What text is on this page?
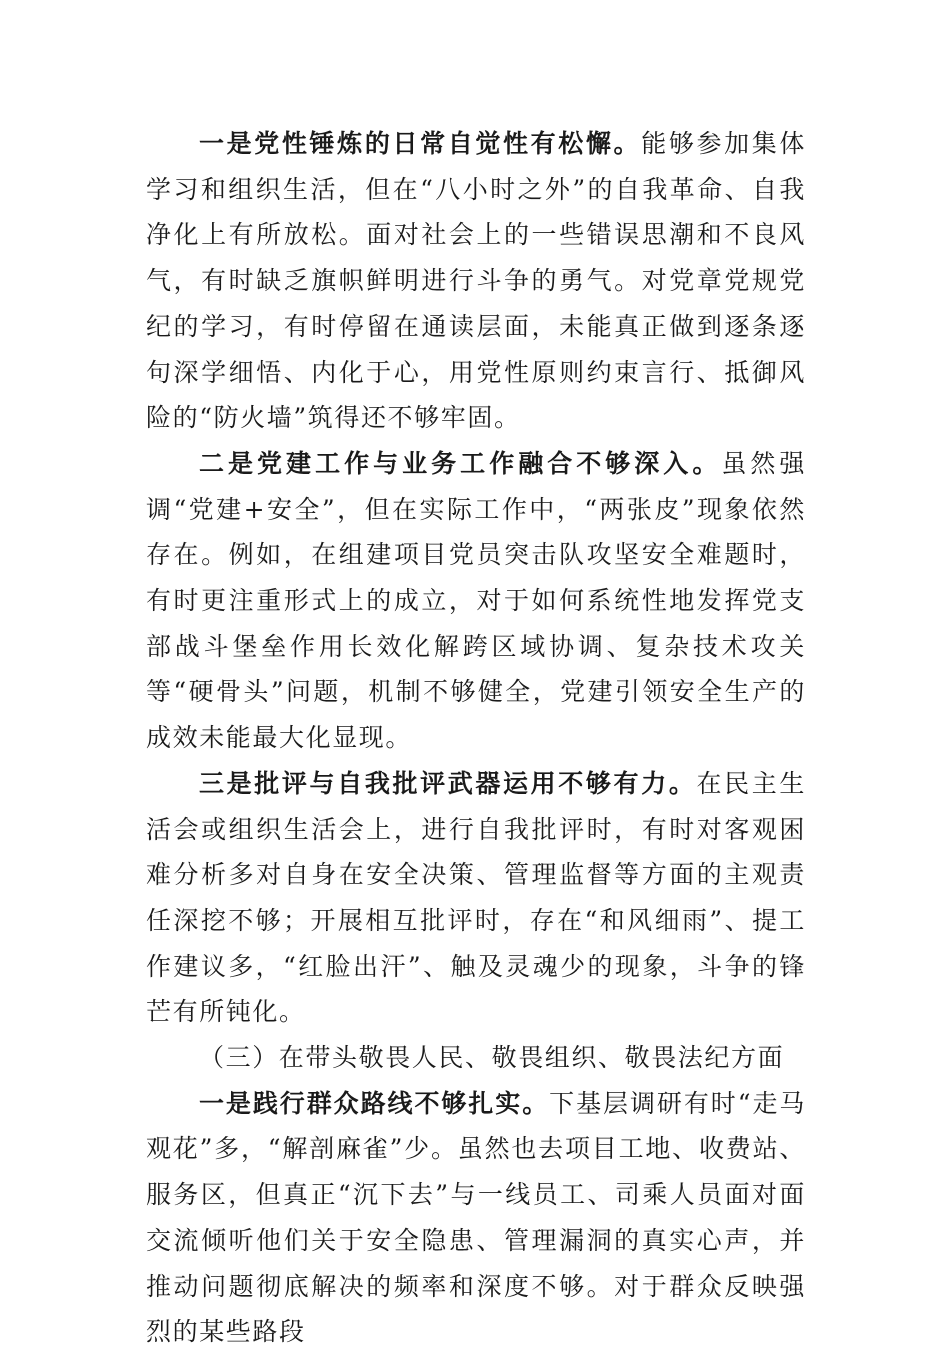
一是党性锤炼的日常自觉性有松懈。能够参加集体学习和组织生活，但在“八小时之外”的自我革命、自我净化上有所放松。面对社会上的一些错误思潮和不良风气，有时缺乏旗帜鲜明进行斗争的勇气。对党章党规党纪的学习，有时停留在通读层面，未能真正做到逐条逐句深学细悟、内化于心，用党性原则约束言行、抵御风险的“防火墙”筑得还不够牢固。

二是党建工作与业务工作融合不够深入。虽然强调“党建+安全”，但在实际工作中，“两张皮”现象依然存在。例如，在组建项目党员突击队攻坚安全难题时，有时更注重形式上的成立，对于如何系统性地发挥党支部战斗堡垒作用长效化解跨区域协调、复杂技术攻关等“硬骨头”问题，机制不够健全，党建引领安全生产的成效未能最大化显现。

三是批评与自我批评武器运用不够有力。在民主生活会或组织生活会上，进行自我批评时，有时对客观困难分析多对自身在安全决策、管理监督等方面的主观责任深挖不够；开展相互批评时，存在“和风细雨”、提工作建议多，“红脸出汗”、触及灵魂少的现象，斗争的锋芒有所钝化。

（三）在带头敬畏人民、敬畏组织、敬畏法纪方面

一是践行群众路线不够扎实。下基层调研有时“走马观花”多，“解剖麻雀”少。虽然也去项目工地、收费站、服务区，但真正“沉下去”与一线员工、司乘人员面对面交流倾听他们关于安全隐患、管理漏洞的真实心声，并推动问题彻底解决的频率和深度不够。对于群众反映强烈的某些路段
